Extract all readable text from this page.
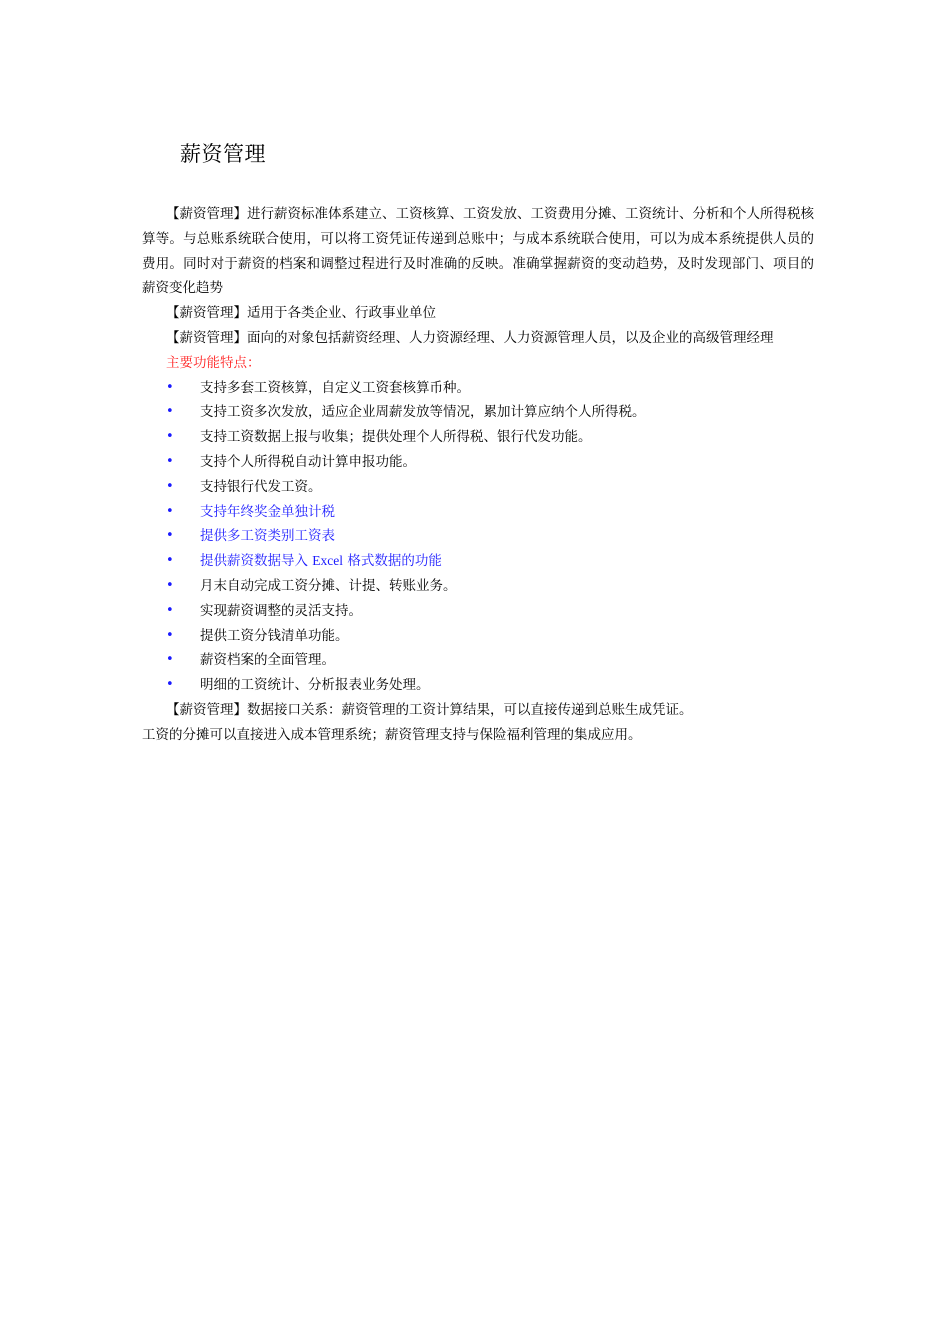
薪资管理

【薪资管理】进行薪资标准体系建立、工资核算、工资发放、工资费用分摊、工资统计、分析和个人所得税核算等。与总账系统联合使用，可以将工资凭证传递到总账中；与成本系统联合使用，可以为成本系统提供人员的费用。同时对于薪资的档案和调整过程进行及时准确的反映。准确掌握薪资的变动趋势，及时发现部门、项目的薪资变化趋势

【薪资管理】适用于各类企业、行政事业单位

【薪资管理】面向的对象包括薪资经理、人力资源经理、人力资源管理人员，以及企业的高级管理经理

主要功能特点：

• 支持多套工资核算，自定义工资套核算币种。
• 支持工资多次发放，适应企业周薪发放等情况，累加计算应纳个人所得税。
• 支持工资数据上报与收集；提供处理个人所得税、银行代发功能。
• 支持个人所得税自动计算申报功能。
• 支持银行代发工资。
• 支持年终奖金单独计税
• 提供多工资类别工资表
• 提供薪资数据导入 Excel 格式数据的功能
• 月末自动完成工资分摊、计提、转账业务。
• 实现薪资调整的灵活支持。
• 提供工资分钱清单功能。
• 薪资档案的全面管理。
• 明细的工资统计、分析报表业务处理。

【薪资管理】数据接口关系：薪资管理的工资计算结果，可以直接传递到总账生成凭证。

工资的分摊可以直接进入成本管理系统；薪资管理支持与保险福利管理的集成应用。
